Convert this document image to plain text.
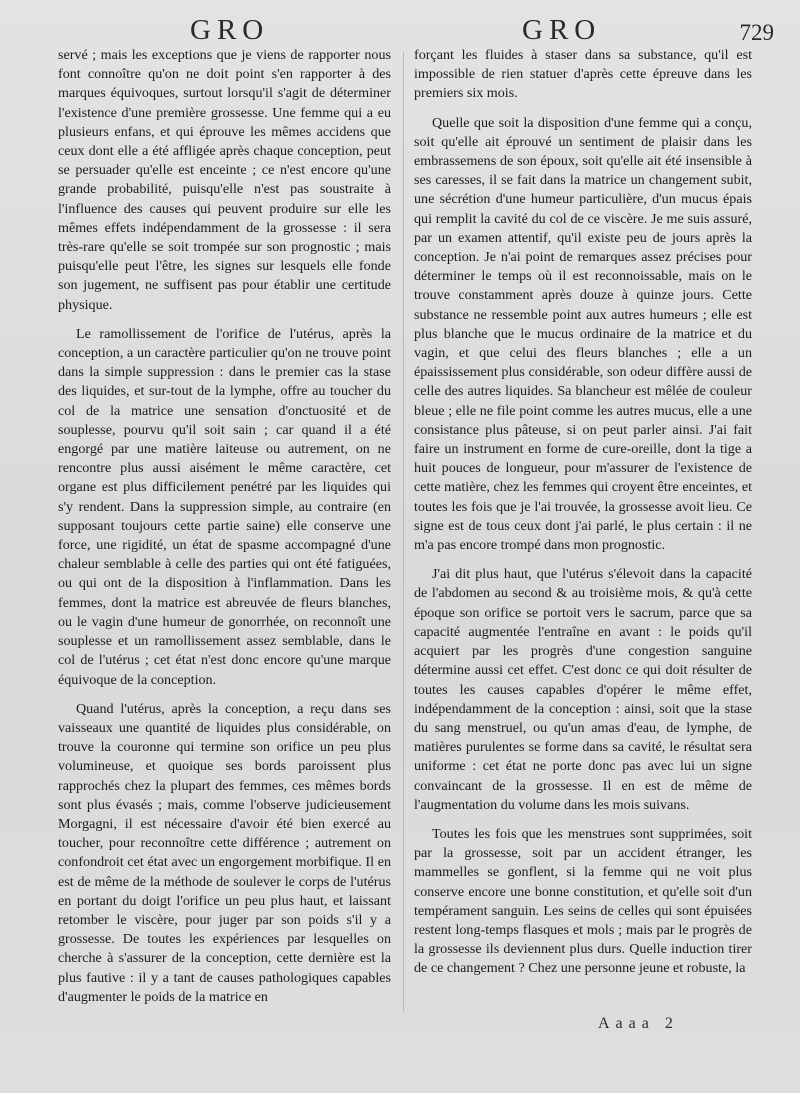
GRO	GRO	729

servé ; mais les exceptions que je viens de rapporter nous font connoître qu'on ne doit point s'en rapporter à des marques équivoques, surtout lorsqu'il s'agit de déterminer l'existence d'une première grossesse. Une femme qui a eu plusieurs enfans, et qui éprouve les mêmes accidens que ceux dont elle a été affligée après chaque conception, peut se persuader qu'elle est enceinte ; ce n'est encore qu'une grande probabilité, puisqu'elle n'est pas soustraite à l'influence des causes qui peuvent produire sur elle les mêmes effets indépendamment de la grossesse : il sera très-rare qu'elle se soit trompée sur son prognostic ; mais puisqu'elle peut l'être, les signes sur lesquels elle fonde son jugement, ne suffisent pas pour établir une certitude physique.

Le ramollissement de l'orifice de l'utérus, après la conception, a un caractère particulier qu'on ne trouve point dans la simple suppression : dans le premier cas la stase des liquides, et sur-tout de la lymphe, offre au toucher du col de la matrice une sensation d'onctuosité et de souplesse, pourvu qu'il soit sain ; car quand il a été engorgé par une matière laiteuse ou autrement, on ne rencontre plus aussi aisément le même caractère, cet organe est plus difficilement penétré par les liquides qui s'y rendent. Dans la suppression simple, au contraire (en supposant toujours cette partie saine) elle conserve une force, une rigidité, un état de spasme accompagné d'une chaleur semblable à celle des parties qui ont été fatiguées, ou qui ont de la disposition à l'inflammation. Dans les femmes, dont la matrice est abreuvée de fleurs blanches, ou le vagin d'une humeur de gonorrhée, on reconnoît une souplesse et un ramollissement assez semblable, dans le col de l'utérus ; cet état n'est donc encore qu'une marque équivoque de la conception.

Quand l'utérus, après la conception, a reçu dans ses vaisseaux une quantité de liquides plus considérable, on trouve la couronne qui termine son orifice un peu plus volumineuse, et quoique ses bords paroissent plus rapprochés chez la plupart des femmes, ces mêmes bords sont plus évasés ; mais, comme l'observe judicieusement Morgagni, il est nécessaire d'avoir été bien exercé au toucher, pour reconnoître cette différence ; autrement on confondroit cet état avec un engorgement morbifique. Il en est de même de la méthode de soulever le corps de l'utérus en portant du doigt l'orifice un peu plus haut, et laissant retomber le viscère, pour juger par son poids s'il y a grossesse. De toutes les expériences par lesquelles on cherche à s'assurer de la conception, cette dernière est la plus fautive : il y a tant de causes pathologiques capables d'augmenter le poids de la matrice en

forçant les fluides à staser dans sa substance, qu'il est impossible de rien statuer d'après cette épreuve dans les premiers six mois.

Quelle que soit la disposition d'une femme qui a conçu, soit qu'elle ait éprouvé un sentiment de plaisir dans les embrassemens de son époux, soit qu'elle ait été insensible à ses caresses, il se fait dans la matrice un changement subit, une sécrétion d'une humeur particulière, d'un mucus épais qui remplit la cavité du col de ce viscère. Je me suis assuré, par un examen attentif, qu'il existe peu de jours après la conception. Je n'ai point de remarques assez précises pour déterminer le temps où il est reconnoissable, mais on le trouve constamment après douze à quinze jours. Cette substance ne ressemble point aux autres humeurs ; elle est plus blanche que le mucus ordinaire de la matrice et du vagin, et que celui des fleurs blanches ; elle a un épaississement plus considérable, son odeur diffère aussi de celle des autres liquides. Sa blancheur est mêlée de couleur bleue ; elle ne file point comme les autres mucus, elle a une consistance plus pâteuse, si on peut parler ainsi. J'ai fait faire un instrument en forme de cure-oreille, dont la tige a huit pouces de longueur, pour m'assurer de l'existence de cette matière, chez les femmes qui croyent être enceintes, et toutes les fois que je l'ai trouvée, la grossesse avoit lieu. Ce signe est de tous ceux dont j'ai parlé, le plus certain : il ne m'a pas encore trompé dans mon prognostic.

J'ai dit plus haut, que l'utérus s'élevoit dans la capacité de l'abdomen au second & au troisième mois, & qu'à cette époque son orifice se portoit vers le sacrum, parce que sa capacité augmentée l'entraîne en avant : le poids qu'il acquiert par les progrès d'une congestion sanguine détermine aussi cet effet. C'est donc ce qui doit résulter de toutes les causes capables d'opérer le même effet, indépendamment de la conception : ainsi, soit que la stase du sang menstruel, ou qu'un amas d'eau, de lymphe, de matières purulentes se forme dans sa cavité, le résultat sera uniforme : cet état ne porte donc pas avec lui un signe convaincant de la grossesse. Il en est de même de l'augmentation du volume dans les mois suivans.

Toutes les fois que les menstrues sont supprimées, soit par la grossesse, soit par un accident étranger, les mammelles se gonflent, si la femme qui ne voit plus conserve encore une bonne constitution, et qu'elle soit d'un tempérament sanguin. Les seins de celles qui sont épuisées restent long-temps flasques et mols ; mais par le progrès de la grossesse ils deviennent plus durs. Quelle induction tirer de ce changement ? Chez une personne jeune et robuste, la

Aaaa 2
